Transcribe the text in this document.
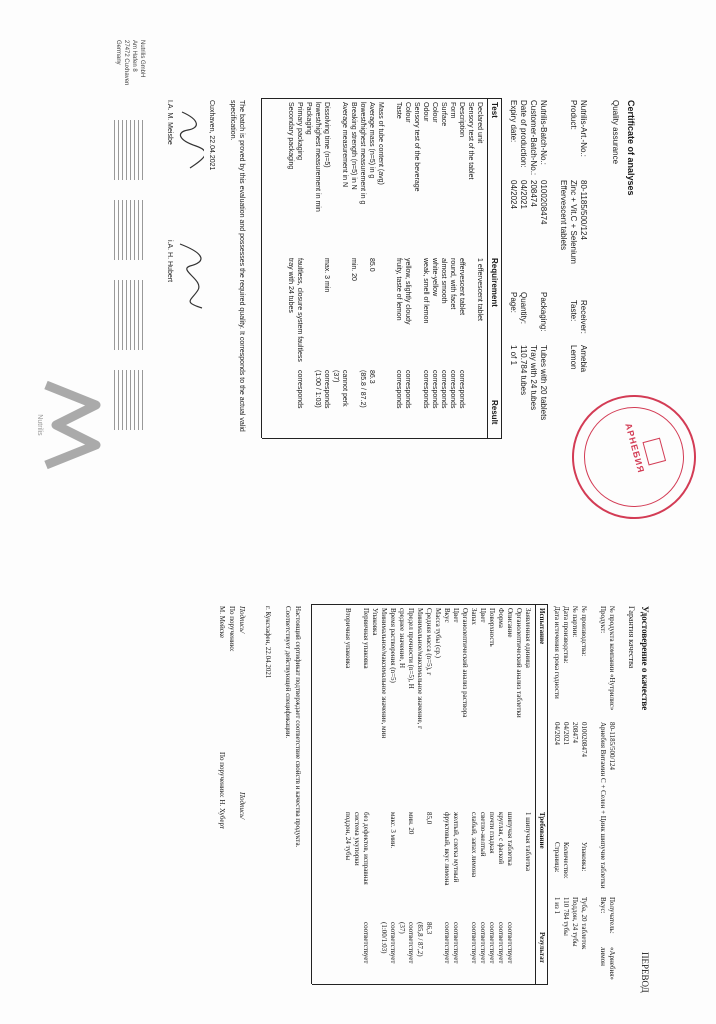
Certificate of analyses
Quality assurance
Nutrilis-Art.-No.:
Product:

80-1185/500/124
Zinc + Vit.C + Selenium
Effervescent tablets
Receiver:
Taste:
Amebia
Lemon
Nutrilis-Batch-No.:
Customer-Batch-No.:
Date of production:
Expiry date:
0100208474
208474
04/2021
04/2024
Packaging:

Quantity:
Page:
Tubes with 20 tablets
Tray with 24 tubes
110.784 tubes
1 of 1
Test
Requirement
Result
Declared unit
Sensory test of the tablet
Description
Form
Surface
Colour
Odour
Sensory test of the beverage
Colour
Taste

Mass of tube content (avg)
Average mass (n=5) in g
lowest/highest measurement in g
Breaking strength (n=5) in N
Average measurement in N

Dissolving time (n=5)
lowest/highest measurement in min
Packaging
Primary packaging
Secondary packaging
1 effervescent tablet

effervescent tablet
round, with facet
almost smooth
white-yellow
weak, smell of lemon

yellow, slightly cloudy
fruity, taste of lemon

85.0

min. 20

max. 3 min

faultless, closure system faultless
tray with 24 tubes

corresponds
corresponds
corresponds
corresponds
corresponds

corresponds
corresponds

86.3
(85.8 / 87.2)

cannot perk
(37)
corresponds
(1:00 / 1:03)

corresponds

The batch is proved by this evaluation and possesses the required quality. It corresponds to the actual valid specification.
Cuxhaven, 22.04.2021
I.A. M. Meisbe
i.A. H. Hubert
Nutrilis GmbH
Am Hafen 8
27472 Cuxhaven
Germany
Nutrilis	АРНЕБИЯ
Удостоверение о качестве
Гарантия качества
ПЕРЕВОД
№ продукта компании «Нутрилис»
Продукт:
80-1185/500/124
Арнебия Витамин С + Селен + Цинк шипучие таблетки
Получатель:
Вкус:
«Арнебия»
лимон
№ производства:
№ партии:
Дата производства:
Дата истечения срока годности
0100208474
208474
04/2021
04/2024
Упаковка:

Количество:
Страница:
Туба, 20 таблеток
Поддон, 24 тубы
110 784 тубы
1 из 1
Испытание
Требование
Результат
Заявленная единица
Органолептический анализ таблетки
Описание
Форма
Поверхность
Цвет
Запах
Органолептический анализ раствора
Цвет
Вкус
Масса тубы (ср.)
Средняя масса (n=5), г
Минимальное/максимальное значение, г
Предел прочности (n=5), Н
среднее значение, Н
Время растворения (n=5)
Минимальное/максимальное значение, мин
Упаковка
Первичная упаковка

Вторичная упаковка
1 шипучая таблетка

шипучая таблетка
круглая, с фаской
почти гладкая
светло-желтый
слабый, запах лимона

желтый, слегка мутный
фруктовый, вкус лимона

85,0

мин. 20

макс. 3 мин.

без дефектов, исправная
система укупорки
поддон, 24 тубы

соответствует
соответствует
соответствует
соответствует
соответствует

соответствует
соответствует

86,3
(85,8 / 87,2)
соответствует
(37)
соответствует
(1:00/1:03)

соответствует

Настоящий сертификат подтверждает соответствие свойств и качества продукта.
Соответствует действующей спецификации.
г. Куксхафен, 22.04.2021
Подпись/
По поручению:
М. Мейске
Подпись/
По поручению: Н. Хуберт
